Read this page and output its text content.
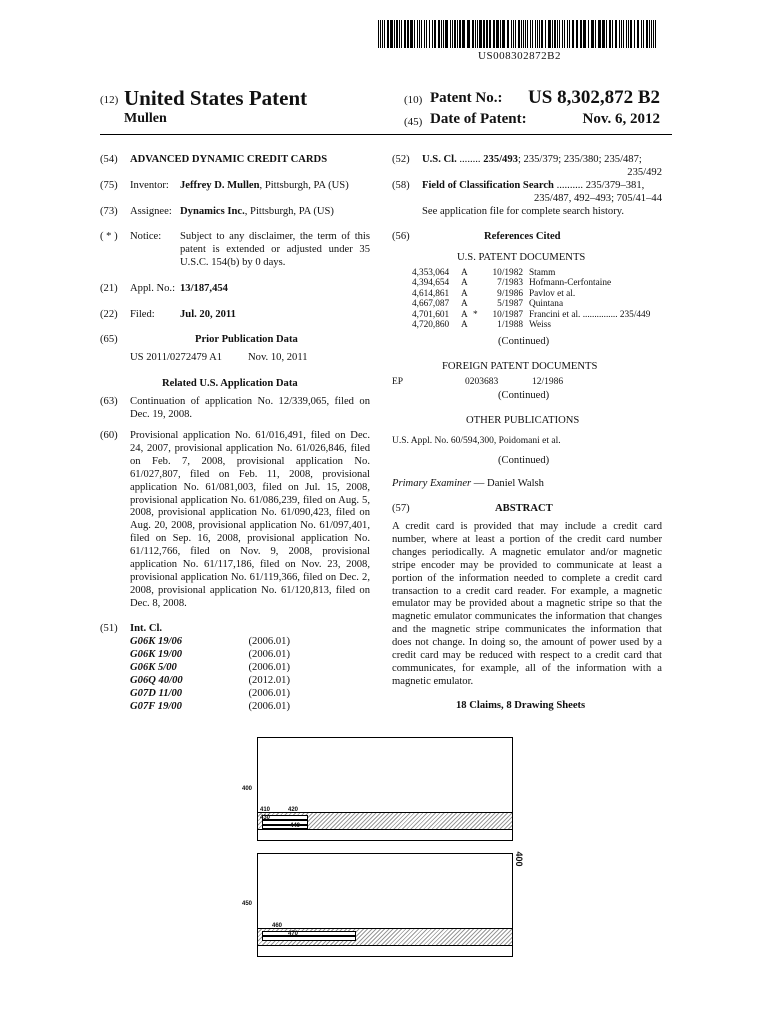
US008302872B2
(12) United States Patent
Mullen
(10) Patent No.: US 8,302,872 B2
(45) Date of Patent:	Nov. 6, 2012
(54) ADVANCED DYNAMIC CREDIT CARDS
(75) Inventor: Jeffrey D. Mullen, Pittsburgh, PA (US)
(73) Assignee: Dynamics Inc., Pittsburgh, PA (US)
( * ) Notice: Subject to any disclaimer, the term of this patent is extended or adjusted under 35 U.S.C. 154(b) by 0 days.
(21) Appl. No.: 13/187,454
(22) Filed: Jul. 20, 2011
(65)	Prior Publication Data
US 2011/0272479 A1 Nov. 10, 2011
Related U.S. Application Data
(63) Continuation of application No. 12/339,065, filed on Dec. 19, 2008.
(60) Provisional application No. 61/016,491, filed on Dec. 24, 2007, provisional application No. 61/026,846, filed on Feb. 7, 2008, provisional application No. 61/027,807, filed on Feb. 11, 2008, provisional application No. 61/081,003, filed on Jul. 15, 2008, provisional application No. 61/086,239, filed on Aug. 5, 2008, provisional application No. 61/090,423, filed on Aug. 20, 2008, provisional application No. 61/097,401, filed on Sep. 16, 2008, provisional application No. 61/112,766, filed on Nov. 9, 2008, provisional application No. 61/117,186, filed on Nov. 23, 2008, provisional application No. 61/119,366, filed on Dec. 2, 2008, provisional application No. 61/120,813, filed on Dec. 8, 2008.
(51) Int. Cl.
G06K 19/06	(2006.01)
G06K 19/00	(2006.01)
G06K 5/00	(2006.01)
G06Q 40/00	(2012.01)
G07D 11/00	(2006.01)
G07F 19/00	(2006.01)
(52) U.S. Cl. ........ 235/493; 235/379; 235/380; 235/487;
235/492
(58) Field of Classification Search .......... 235/379–381,
235/487, 492–493; 705/41–44
See application file for complete search history.
(56)	References Cited
U.S. PATENT DOCUMENTS
4,353,064	A	10/1982 Stamm
4,394,654	A	7/1983 Hofmann-Cerfontaine
4,614,861	A	9/1986 Pavlov et al.
4,667,087	A	5/1987 Quintana
4,701,601	A *	10/1987 Francini et al. ............... 235/449
4,720,860	A	1/1988 Weiss
(Continued)
FOREIGN PATENT DOCUMENTS
EP	0203683	12/1986
(Continued)
OTHER PUBLICATIONS
U.S. Appl. No. 60/594,300, Poidomani et al.
(Continued)
Primary Examiner — Daniel Walsh
(57)	ABSTRACT
A credit card is provided that may include a credit card number, where at least a portion of the credit card number changes periodically. A magnetic emulator and/or magnetic stripe encoder may be provided to communicate at least a portion of the information needed to complete a credit card transaction to a credit card reader. For example, a magnetic emulator may be provided about a magnetic stripe so that the magnetic emulator communicates the information that changes and the magnetic stripe communicates the information that does not change. In doing so, the amount of power used by a credit card may be reduced with respect to a credit card that communicates, for example, all of the information with a magnetic emulator.
18 Claims, 8 Drawing Sheets
410	420
430
440
400
460
470
450
400
